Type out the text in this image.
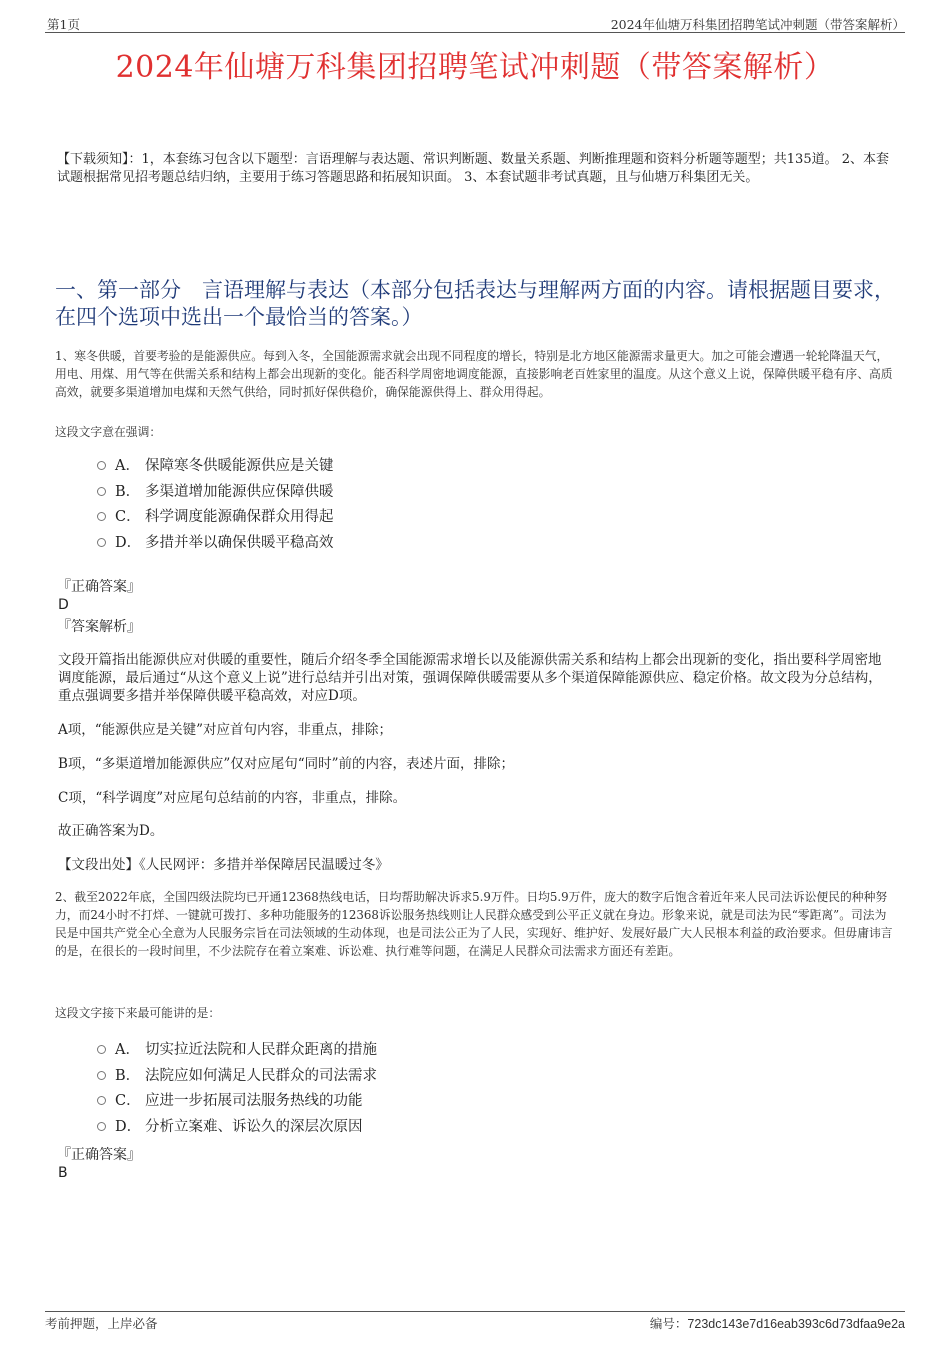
第1页	2024年仙塘万科集团招聘笔试冲刺题（带答案解析）
2024年仙塘万科集团招聘笔试冲刺题（带答案解析）
【下载须知】：1，本套练习包含以下题型：言语理解与表达题、常识判断题、数量关系题、判断推理题和资料分析题等题型；共135道。 2、本套试题根据常见招考题总结归纳，主要用于练习答题思路和拓展知识面。 3、本套试题非考试真题，且与仙塘万科集团无关。
一、第一部分　言语理解与表达（本部分包括表达与理解两方面的内容。请根据题目要求，在四个选项中选出一个最恰当的答案。）
1、寒冬供暖，首要考验的是能源供应。每到入冬，全国能源需求就会出现不同程度的增长，特别是北方地区能源需求量更大。加之可能会遭遇一轮轮降温天气，用电、用煤、用气等在供需关系和结构上都会出现新的变化。能否科学周密地调度能源，直接影响老百姓家里的温度。从这个意义上说，保障供暖平稳有序、高质高效，就要多渠道增加电煤和天然气供给，同时抓好保供稳价，确保能源供得上、群众用得起。
这段文字意在强调：
A． 保障寒冬供暖能源供应是关键
B． 多渠道增加能源供应保障供暖
C． 科学调度能源确保群众用得起
D． 多措并举以确保供暖平稳高效
『正确答案』
D
『答案解析』
文段开篇指出能源供应对供暖的重要性，随后介绍冬季全国能源需求增长以及能源供需关系和结构上都会出现新的变化，指出要科学周密地调度能源，最后通过“从这个意义上说”进行总结并引出对策，强调保障供暖需要从多个渠道保障能源供应、稳定价格。故文段为分总结构，重点强调要多措并举保障供暖平稳高效，对应D项。
A项，“能源供应是关键”对应首句内容，非重点，排除；
B项，“多渠道增加能源供应”仅对应尾句“同时”前的内容，表述片面，排除；
C项，“科学调度”对应尾句总结前的内容，非重点，排除。
故正确答案为D。
【文段出处】《人民网评：多措并举保障居民温暖过冬》
2、截至2022年底，全国四级法院均已开通12368热线电话，日均帮助解决诉求5.9万件。日均5.9万件，庞大的数字后饱含着近年来人民司法诉讼便民的种种努力，而24小时不打烊、一键就可拨打、多种功能服务的12368诉讼服务热线则让人民群众感受到公平正义就在身边。形象来说，就是司法为民“零距离”。司法为民是中国共产党全心全意为人民服务宗旨在司法领域的生动体现，也是司法公正为了人民，实现好、维护好、发展好最广大人民根本利益的政治要求。但毋庸讳言的是，在很长的一段时间里，不少法院存在着立案难、诉讼难、执行难等问题，在满足人民群众司法需求方面还有差距。
这段文字接下来最可能讲的是：
A． 切实拉近法院和人民群众距离的措施
B． 法院应如何满足人民群众的司法需求
C． 应进一步拓展司法服务热线的功能
D． 分析立案难、诉讼久的深层次原因
『正确答案』
B
考前押题，上岸必备	编号：723dc143e7d16eab393c6d73dfaa9e2a
